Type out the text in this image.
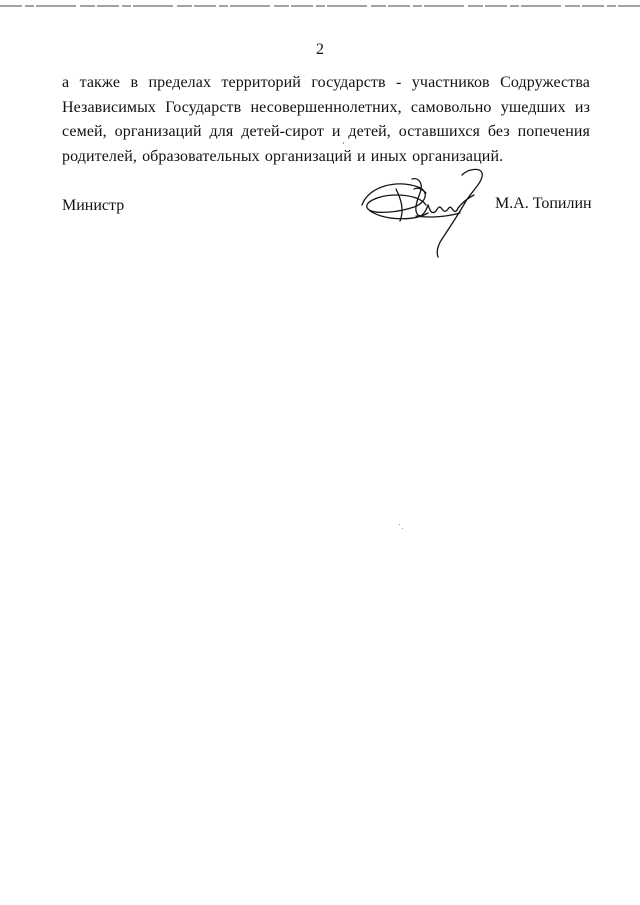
2

а также в пределах территорий государств - участников Содружества Независимых Государств несовершеннолетних, самовольно ушедших из семей, организаций для детей-сирот и детей, оставшихся без попечения родителей, образовательных организаций и иных организаций.

Министр	М.А. Топилин
